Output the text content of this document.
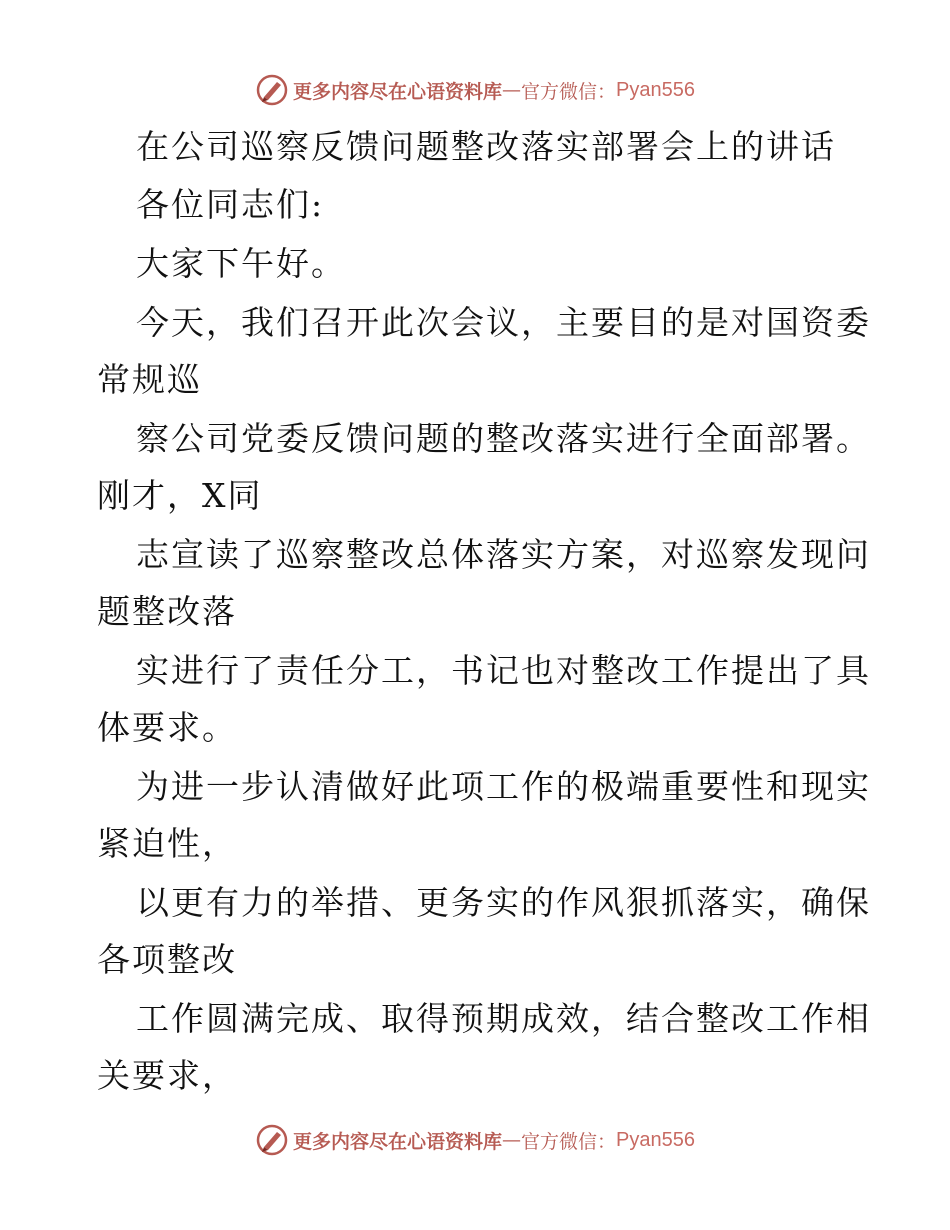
更多内容尽在心语资料库 — 官方微信： Pyan556
在公司巡察反馈问题整改落实部署会上的讲话
各位同志们:
大家下午好。
今天，我们召开此次会议，主要目的是对国资委
常规巡
察公司党委反馈问题的整改落实进行全面部署。
刚才，X同
志宣读了巡察整改总体落实方案，对巡察发现问
题整改落
实进行了责任分工，书记也对整改工作提出了具
体要求。
为进一步认清做好此项工作的极端重要性和现实
紧迫性，
以更有力的举措、更务实的作风狠抓落实，确保
各项整改
工作圆满完成、取得预期成效，结合整改工作相
关要求，
更多内容尽在心语资料库 — 官方微信： Pyan556
